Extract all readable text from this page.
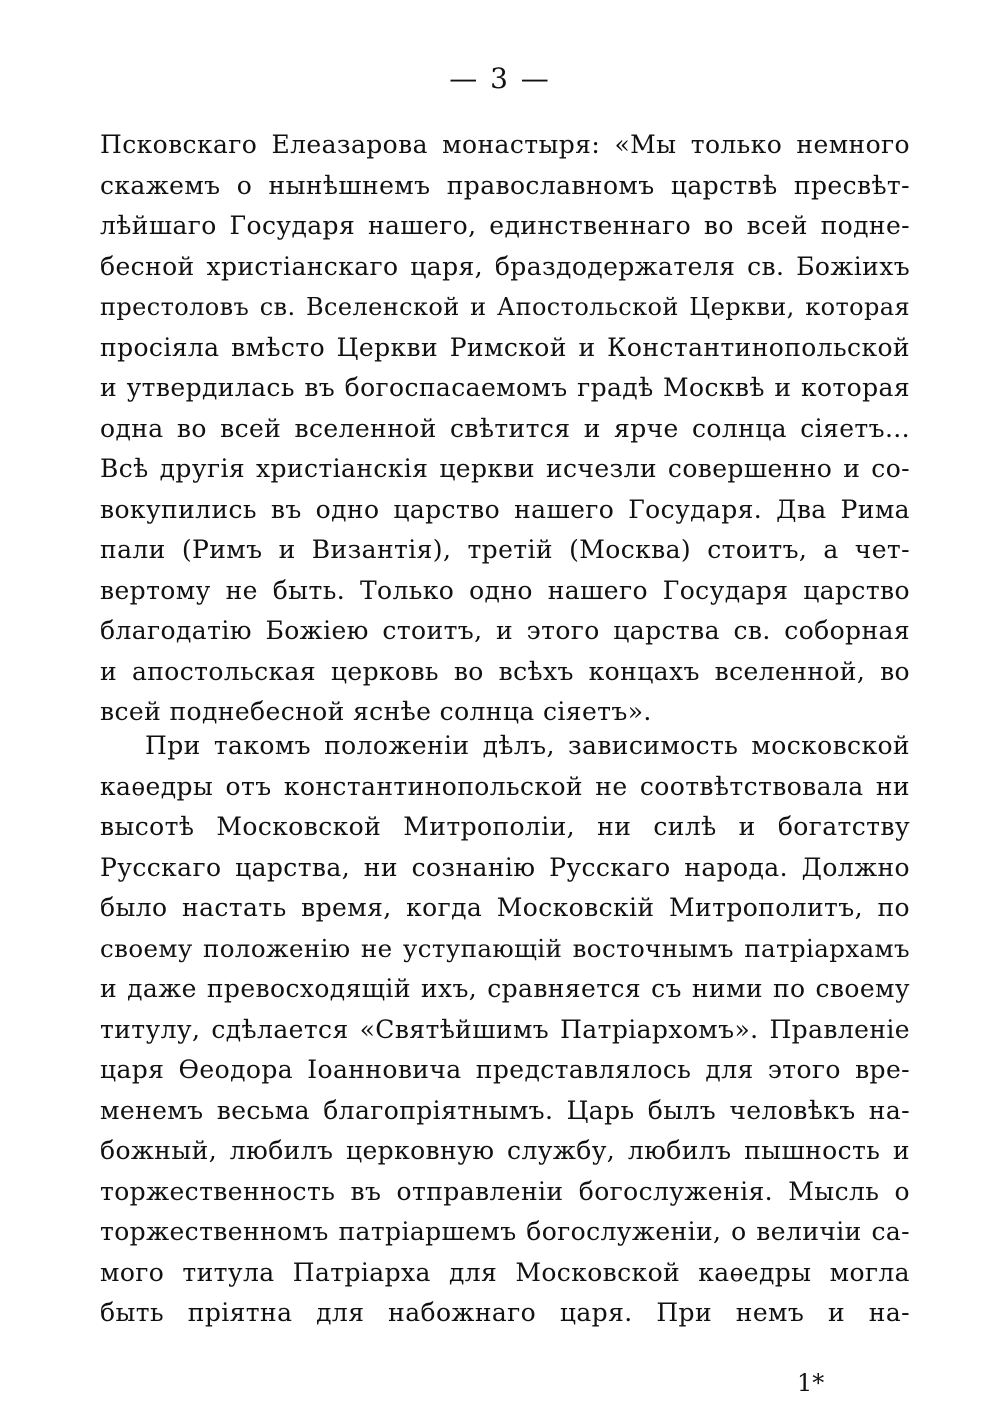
— 3 —
Псковскаго Елеазарова монастыря: «Мы только немного
скажемъ о нынѣшнемъ православномъ царствѣ пресвѣт-
лѣйшаго Государя нашего, единственнаго во всей поднe-
бесной христіанскаго царя, браздодержателя св. Божіихъ
престоловъ св. Вселенской и Апостольской Церкви, которая
просіяла вмѣсто Церкви Римской и Константинопольской
и утвердилась въ богоспасаемомъ градѣ Москвѣ и которая
одна во всей вселенной свѣтится и ярче солнца сіяетъ...
Всѣ другія христіанскія церкви исчезли совершенно и со-
вокупились въ одно царство нашего Государя. Два Рима
пали (Римъ и Византія), третій (Москва) стоитъ, а чет-
вертому не быть. Только одно нашего Государя царство
благодатію Божіею стоитъ, и этого царства св. соборная
и апостольская церковь во всѣхъ концахъ вселенной, во
всей поднебесной яснѣе солнца сіяетъ».
При такомъ положеніи дѣлъ, зависимость московской
каѳедры отъ константинопольской не соотвѣтствовала ни
высотѣ Московской Митрополіи, ни силѣ и богатству
Русскаго царства, ни сознанію Русскаго народа. Должно
было настать время, когда Московскій Митрополитъ, по
своему положенію не уступающій восточнымъ патріархамъ
и даже превосходящій ихъ, сравняется съ ними по своему
титулу, сдѣлается «Святѣйшимъ Патріархомъ». Правленіе
царя Ѳеодора Іоанновича представлялось для этого вре-
менемъ весьма благопріятнымъ. Царь былъ человѣкъ на-
божный, любилъ церковную службу, любилъ пышность и
торжественность въ отправленіи богослуженія. Мысль о
торжественномъ патріаршемъ богослуженіи, о величіи са-
мого титула Патріарха для Московской каѳедры могла
быть пріятна для набожнаго царя. При немъ и на-
1*
